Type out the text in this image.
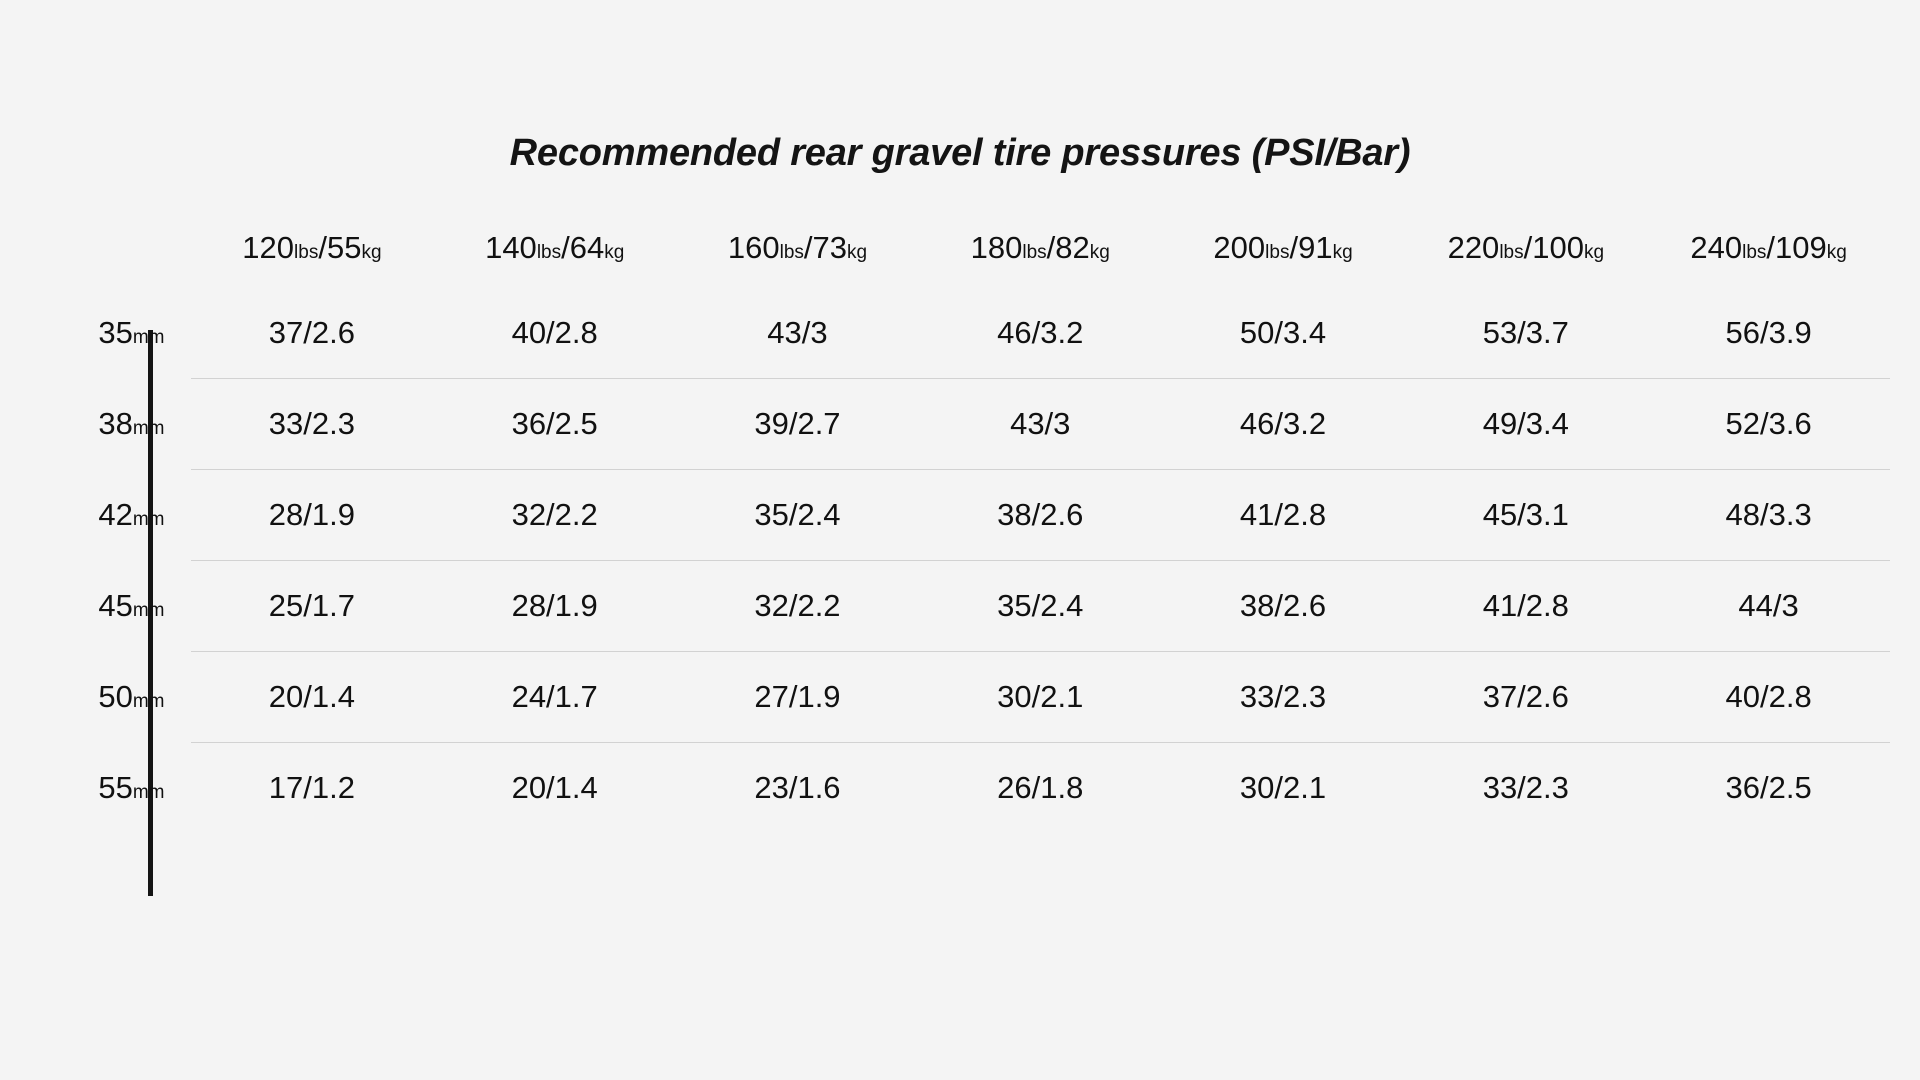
Recommended rear gravel tire pressures (PSI/Bar)
	120lbs/55kg	140lbs/64kg	160lbs/73kg	180lbs/82kg	200lbs/91kg	220lbs/100kg	240lbs/109kg
35mm	37/2.6	40/2.8	43/3	46/3.2	50/3.4	53/3.7	56/3.9
38mm	33/2.3	36/2.5	39/2.7	43/3	46/3.2	49/3.4	52/3.6
42mm	28/1.9	32/2.2	35/2.4	38/2.6	41/2.8	45/3.1	48/3.3
45mm	25/1.7	28/1.9	32/2.2	35/2.4	38/2.6	41/2.8	44/3
50mm	20/1.4	24/1.7	27/1.9	30/2.1	33/2.3	37/2.6	40/2.8
55mm	17/1.2	20/1.4	23/1.6	26/1.8	30/2.1	33/2.3	36/2.5
